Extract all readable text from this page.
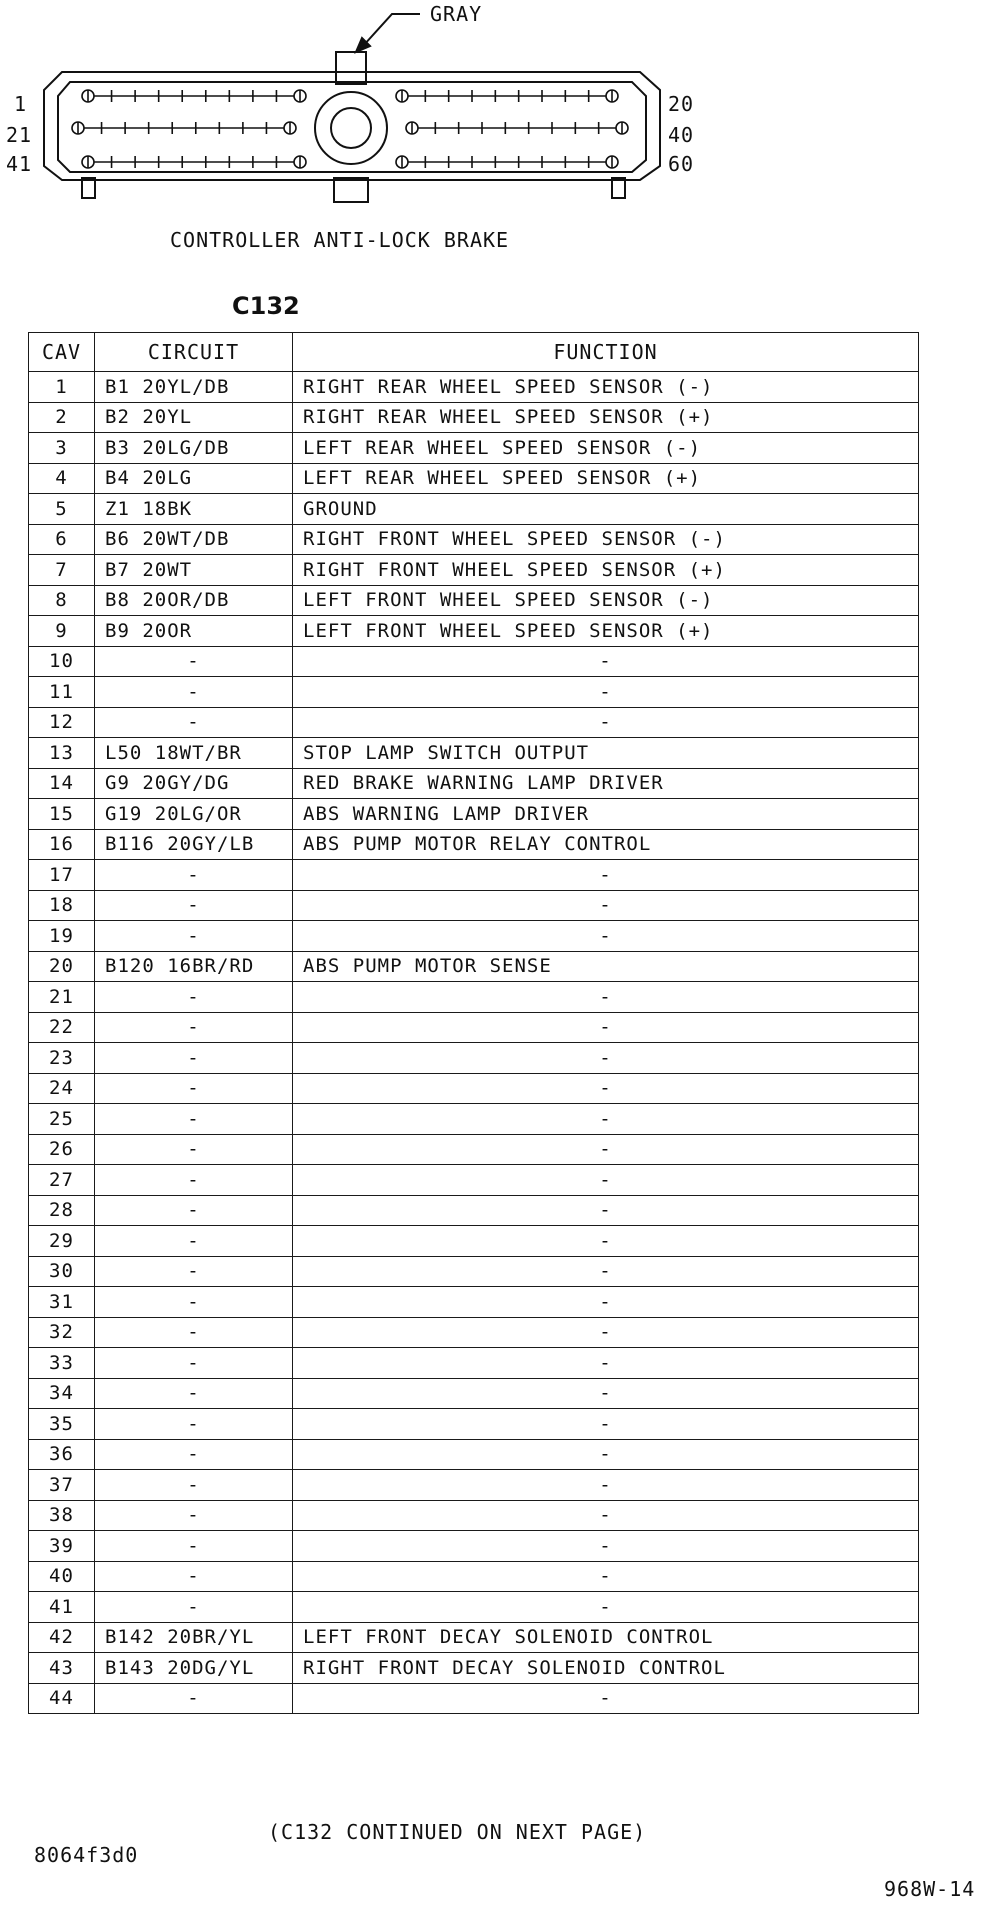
GRAY
1
21
41
20
40
60
CONTROLLER ANTI-LOCK BRAKE
C132
CAV	CIRCUIT	FUNCTION
1	B1 20YL/DB	RIGHT REAR WHEEL SPEED SENSOR (-)
2	B2 20YL	RIGHT REAR WHEEL SPEED SENSOR (+)
3	B3 20LG/DB	LEFT REAR WHEEL SPEED SENSOR (-)
4	B4 20LG	LEFT REAR WHEEL SPEED SENSOR (+)
5	Z1 18BK	GROUND
6	B6 20WT/DB	RIGHT FRONT WHEEL SPEED SENSOR (-)
7	B7 20WT	RIGHT FRONT WHEEL SPEED SENSOR (+)
8	B8 20OR/DB	LEFT FRONT WHEEL SPEED SENSOR (-)
9	B9 20OR	LEFT FRONT WHEEL SPEED SENSOR (+)
10	-	-
11	-	-
12	-	-
13	L50 18WT/BR	STOP LAMP SWITCH OUTPUT
14	G9 20GY/DG	RED BRAKE WARNING LAMP DRIVER
15	G19 20LG/OR	ABS WARNING LAMP DRIVER
16	B116 20GY/LB	ABS PUMP MOTOR RELAY CONTROL
17	-	-
18	-	-
19	-	-
20	B120 16BR/RD	ABS PUMP MOTOR SENSE
21	-	-
22	-	-
23	-	-
24	-	-
25	-	-
26	-	-
27	-	-
28	-	-
29	-	-
30	-	-
31	-	-
32	-	-
33	-	-
34	-	-
35	-	-
36	-	-
37	-	-
38	-	-
39	-	-
40	-	-
41	-	-
42	B142 20BR/YL	LEFT FRONT DECAY SOLENOID CONTROL
43	B143 20DG/YL	RIGHT FRONT DECAY SOLENOID CONTROL
44	-	-
(C132 CONTINUED ON NEXT PAGE)
8064f3d0
968W-14
